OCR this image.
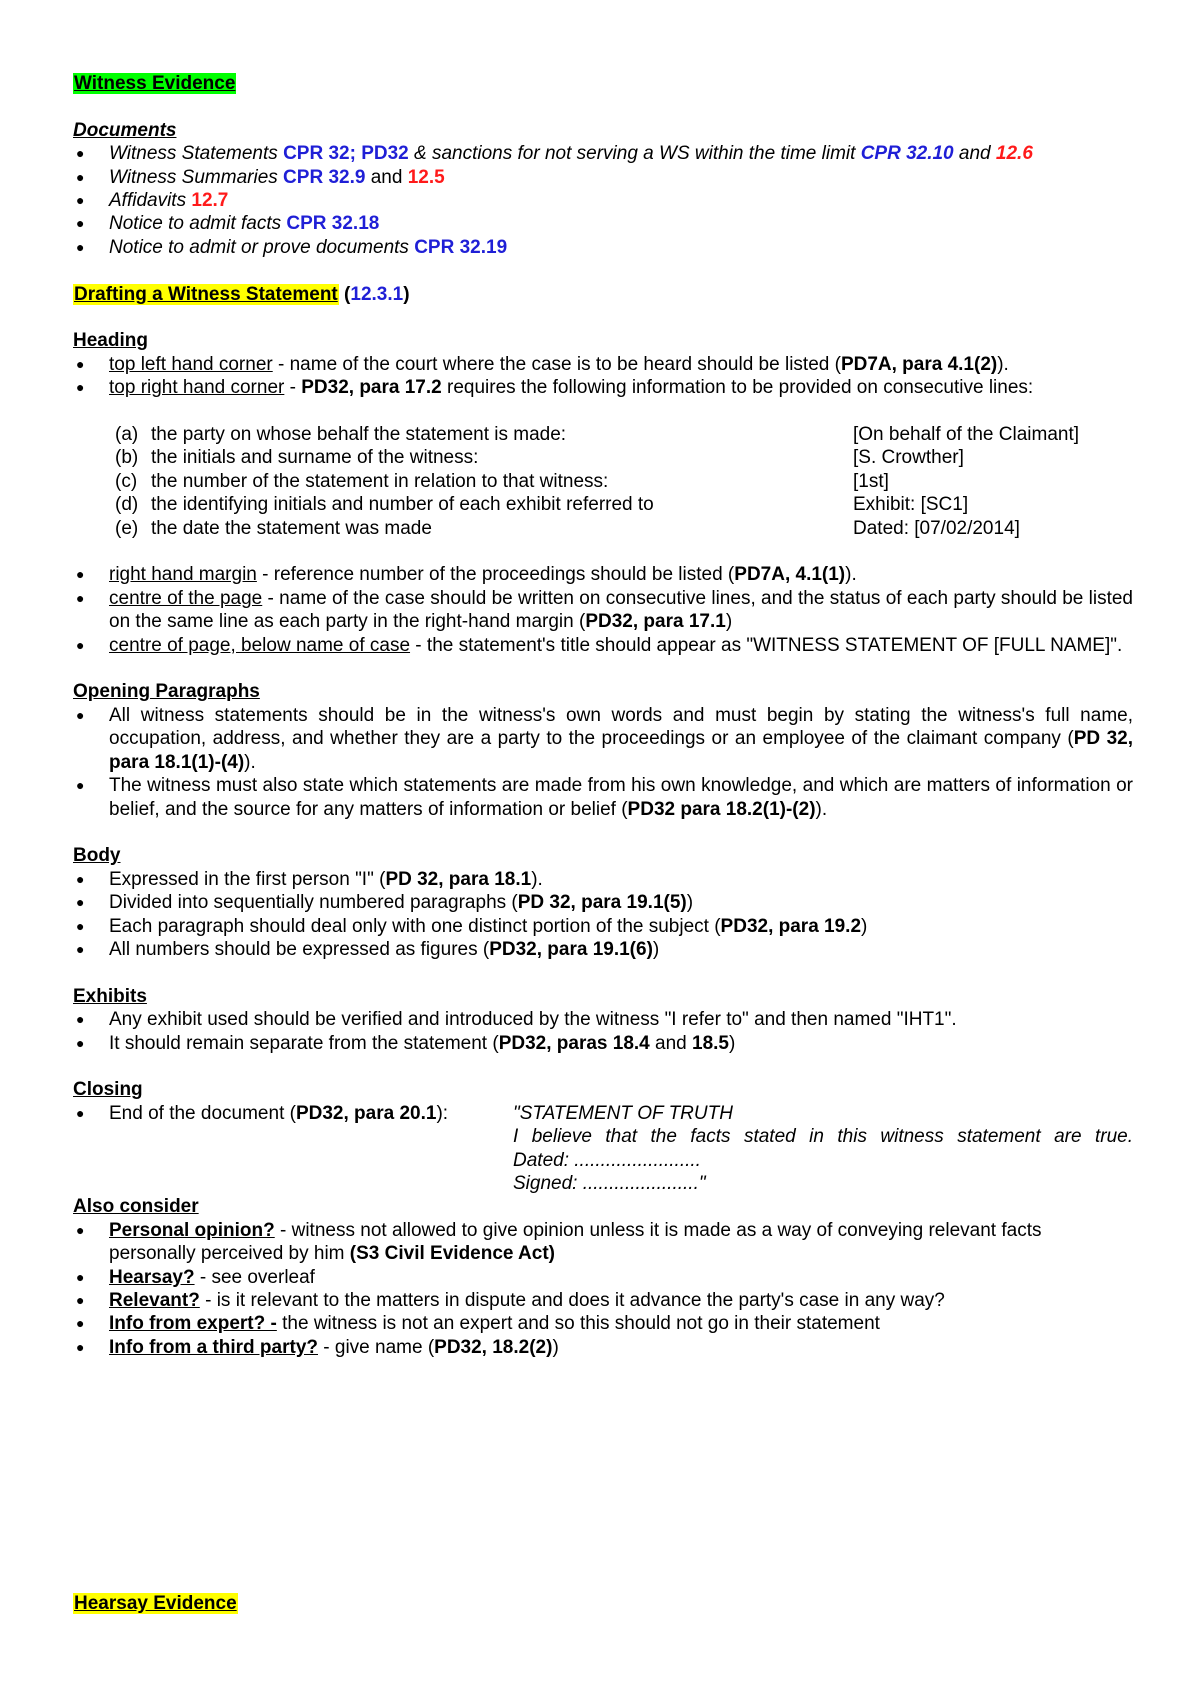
Witness Evidence
Documents
● Witness Statements CPR 32; PD32 & sanctions for not serving a WS within the time limit CPR 32.10 and 12.6
● Witness Summaries CPR 32.9 and 12.5
● Affidavits 12.7
● Notice to admit facts CPR 32.18
● Notice to admit or prove documents CPR 32.19
Drafting a Witness Statement (12.3.1)
Heading
● top left hand corner - name of the court where the case is to be heard should be listed (PD7A, para 4.1(2)).
● top right hand corner - PD32, para 17.2 requires the following information to be provided on consecutive lines:
(a) the party on whose behalf the statement is made:	[On behalf of the Claimant]
(b) the initials and surname of the witness:	[S. Crowther]
(c) the number of the statement in relation to that witness:	[1st]
(d) the identifying initials and number of each exhibit referred to	Exhibit: [SC1]
(e) the date the statement was made	Dated: [07/02/2014]
● right hand margin - reference number of the proceedings should be listed (PD7A, 4.1(1)).
● centre of the page - name of the case should be written on consecutive lines, and the status of each party should be listed on the same line as each party in the right-hand margin (PD32, para 17.1)
● centre of page, below name of case - the statement's title should appear as "WITNESS STATEMENT OF [FULL NAME]".
Opening Paragraphs
● All witness statements should be in the witness's own words and must begin by stating the witness's full name, occupation, address, and whether they are a party to the proceedings or an employee of the claimant company (PD 32, para 18.1(1)-(4)).
● The witness must also state which statements are made from his own knowledge, and which are matters of information or belief, and the source for any matters of information or belief (PD32 para 18.2(1)-(2)).
Body
● Expressed in the first person "I" (PD 32, para 18.1).
● Divided into sequentially numbered paragraphs (PD 32, para 19.1(5))
● Each paragraph should deal only with one distinct portion of the subject (PD32, para 19.2)
● All numbers should be expressed as figures (PD32, para 19.1(6))
Exhibits
● Any exhibit used should be verified and introduced by the witness "I refer to" and then named "IHT1".
● It should remain separate from the statement (PD32, paras 18.4 and 18.5)
Closing
● End of the document (PD32, para 20.1):	"STATEMENT OF TRUTH
I believe that the facts stated in this witness statement are true.
Dated: ........................
Signed: ......................"
Also consider
● Personal opinion? - witness not allowed to give opinion unless it is made as a way of conveying relevant facts personally perceived by him (S3 Civil Evidence Act)
● Hearsay? - see overleaf
● Relevant? - is it relevant to the matters in dispute and does it advance the party's case in any way?
● Info from expert? - the witness is not an expert and so this should not go in their statement
● Info from a third party? - give name (PD32, 18.2(2))
Hearsay Evidence
